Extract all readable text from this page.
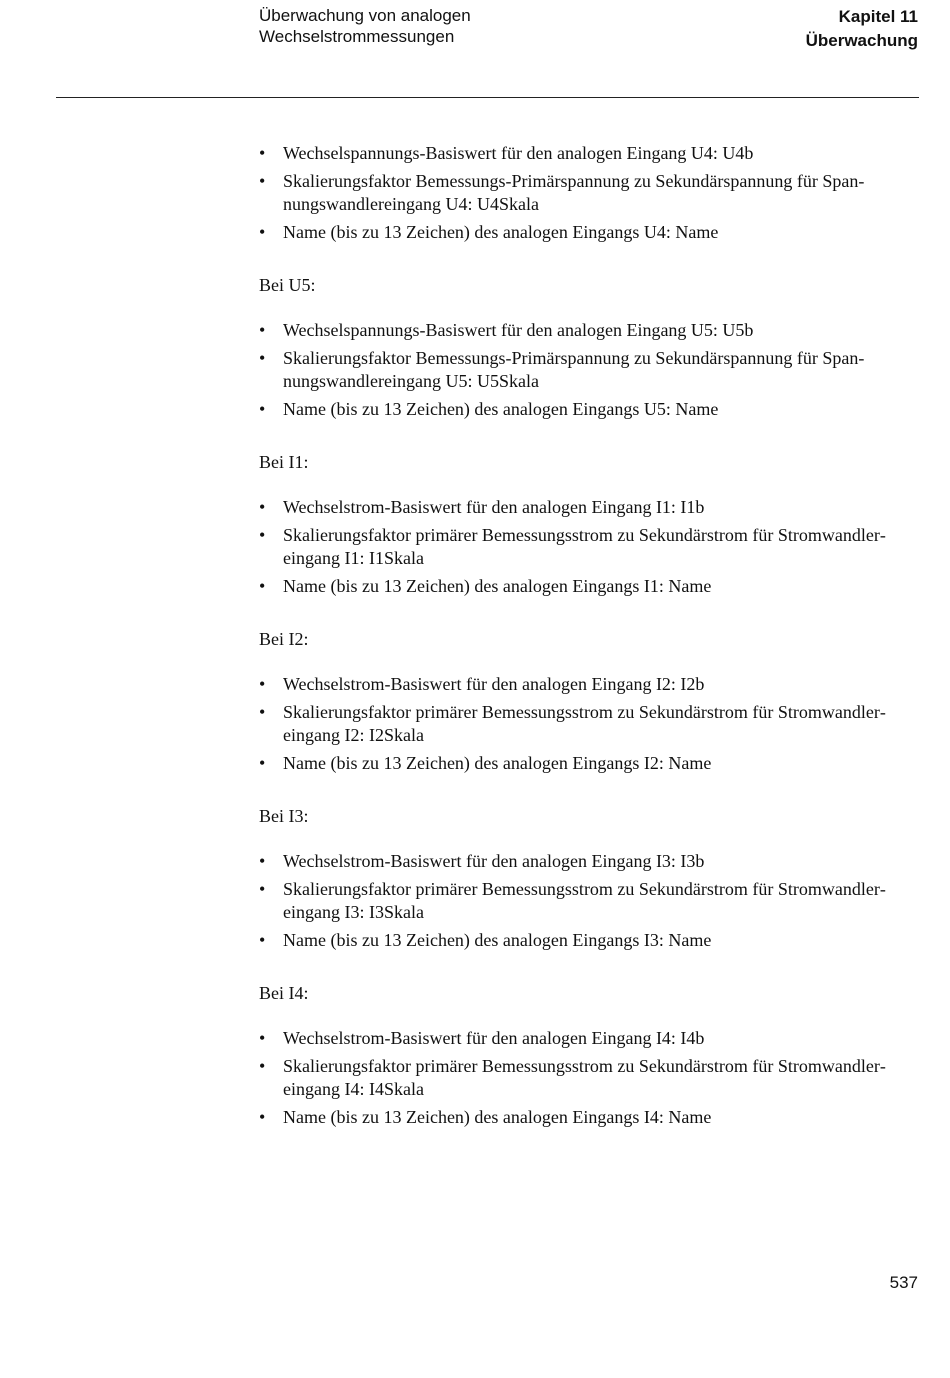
Überwachung von analogen
Wechselstrommessungen
Kapitel 11
Überwachung
• Wechselspannungs-Basiswert für den analogen Eingang U4: U4b
• Skalierungsfaktor Bemessungs-Primärspannung zu Sekundärspannung für Spannungswandlereingang U4: U4Skala
• Name (bis zu 13 Zeichen) des analogen Eingangs U4: Name
Bei U5:
• Wechselspannungs-Basiswert für den analogen Eingang U5: U5b
• Skalierungsfaktor Bemessungs-Primärspannung zu Sekundärspannung für Spannungswandlereingang U5: U5Skala
• Name (bis zu 13 Zeichen) des analogen Eingangs U5: Name
Bei I1:
• Wechselstrom-Basiswert für den analogen Eingang I1: I1b
• Skalierungsfaktor primärer Bemessungsstrom zu Sekundärstrom für Stromwandlereingang I1: I1Skala
• Name (bis zu 13 Zeichen) des analogen Eingangs I1: Name
Bei I2:
• Wechselstrom-Basiswert für den analogen Eingang I2: I2b
• Skalierungsfaktor primärer Bemessungsstrom zu Sekundärstrom für Stromwandlereingang I2: I2Skala
• Name (bis zu 13 Zeichen) des analogen Eingangs I2: Name
Bei I3:
• Wechselstrom-Basiswert für den analogen Eingang I3: I3b
• Skalierungsfaktor primärer Bemessungsstrom zu Sekundärstrom für Stromwandlereingang I3: I3Skala
• Name (bis zu 13 Zeichen) des analogen Eingangs I3: Name
Bei I4:
• Wechselstrom-Basiswert für den analogen Eingang I4: I4b
• Skalierungsfaktor primärer Bemessungsstrom zu Sekundärstrom für Stromwandlereingang I4: I4Skala
• Name (bis zu 13 Zeichen) des analogen Eingangs I4: Name
537
